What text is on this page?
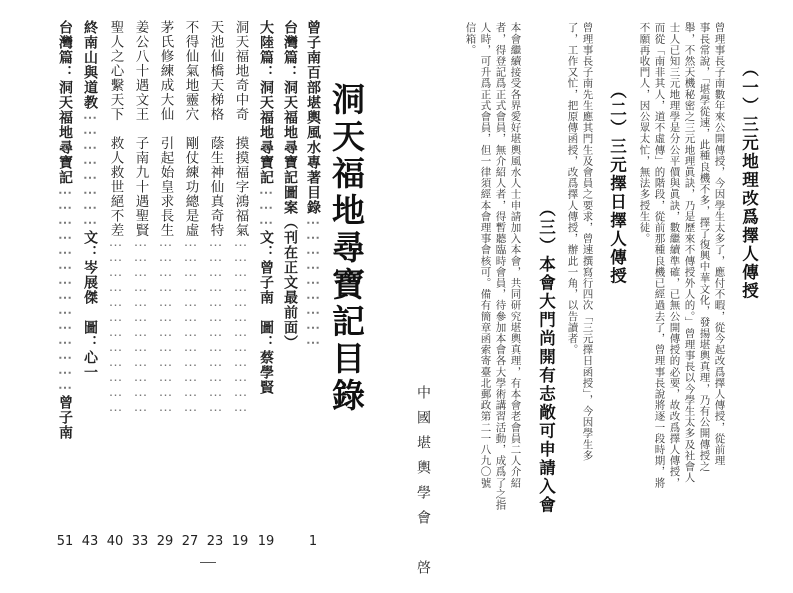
洞天福地尋寶記目錄
曾子南百部堪輿風水專著目錄⋯⋯⋯⋯⋯⋯⋯⋯⋯
1
台灣篇：洞天福地尋寶記圖案（刊在正文最前面）
大陸篇：洞天福地尋寶記⋯⋯⋯文：曾子南　圖：蔡學賢
19
洞天福地奇中奇　摸摸福字鴻福氣⋯⋯⋯⋯⋯⋯⋯⋯⋯⋯⋯⋯
19
天池仙橋天梯格　蔭生神仙真奇特⋯⋯⋯⋯⋯⋯⋯⋯⋯⋯⋯⋯
23
不得仙氣地靈穴　剛仗練功總是虛⋯⋯⋯⋯⋯⋯⋯⋯⋯⋯⋯⋯
27
茅氏修練成大仙　引起始皇求長生⋯⋯⋯⋯⋯⋯⋯⋯⋯⋯⋯⋯
29
姜公八十遇文王　子南九十遇聖賢⋯⋯⋯⋯⋯⋯⋯⋯⋯⋯⋯⋯
33
聖人之心繫天下　救人救世絕不差⋯⋯⋯⋯⋯⋯⋯⋯⋯⋯⋯⋯
40
終南山與道教⋯⋯⋯⋯⋯⋯⋯⋯文：岑展傑　圖：心一
43
台灣篇：洞天福地尋寶記⋯⋯⋯⋯⋯⋯⋯⋯⋯⋯⋯⋯⋯⋯曾子南
51
（一）三元地理改爲擇人傳授
曾理事長子南數年來公開傳授，今因學生太多了，應付不暇，從今起改爲擇人傳授，從前理
事長常說，「堪學從速，此種良機不多，擇了復興中華文化，發揚堪輿真理，乃有公開傳授之
舉，不然天機秘密之三元地理眞訣，乃是歷來不傳授外人的。」曾理事長以今學生太多及社會人
士人已知三元地理學是分公平價與眞訣，數繼續準確，已無公開傳授的必要，故改爲擇人傳授，
而從「南非其人，道不虛傳」的階段，從前那種良機已經過去了，曾理事長說將逐一段時期，將
不願再收門人，因公眾太忙，無法多授生徒。
（二）三元擇日擇人傳授
曾理事長子南先生應其門生及會員之要求，曾速撰寫行四次「三元擇日函授」，今因學生多
了，工作又忙，把原傳函授，改爲擇人傳授，辦此一角，以告讀者。
（三）本會大門尚開有志敞可申請入會
本會繼續接受各界愛好堪輿風水人士申請加入本會，共同研究堪輿真理，有本會老會員二人介紹
者，得登記爲正式會員，無介紹人者，得暫聽臨時會員，待參加本會各大學術講習活動，成爲了之指
人時，可升爲正式會員，但一律須經本會理事會核可。備有簡章函索寄臺北郵政第二一八九〇號
信箱。
中國堪輿學會　啓
